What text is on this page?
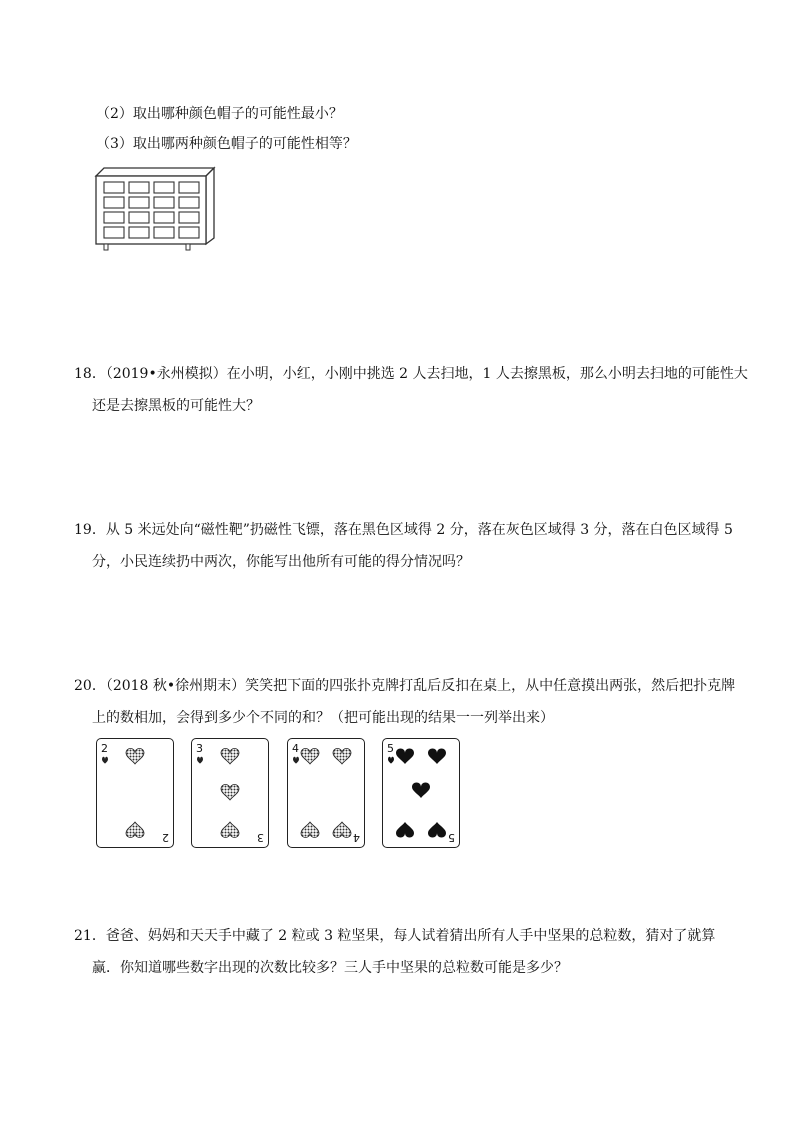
（2）取出哪种颜色帽子的可能性最小？
（3）取出哪两种颜色帽子的可能性相等？
18．（2019•永州模拟）在小明，小红，小刚中挑选 2 人去扫地，1 人去擦黑板，那么小明去扫地的可能性大
还是去擦黑板的可能性大？
19．从 5 米远处向“磁性靶”扔磁性飞镖，落在黑色区域得 2 分，落在灰色区域得 3 分，落在白色区域得 5
分，小民连续扔中两次，你能写出他所有可能的得分情况吗？
20．（2018 秋•徐州期末）笑笑把下面的四张扑克牌打乱后反扣在桌上，从中任意摸出两张，然后把扑克牌
上的数相加，会得到多少个不同的和？（把可能出现的结果一一列举出来）
2
2
3
3
4
4
5
5
21．爸爸、妈妈和天天手中藏了 2 粒或 3 粒坚果，每人试着猜出所有人手中坚果的总粒数，猜对了就算
赢．你知道哪些数字出现的次数比较多？三人手中坚果的总粒数可能是多少？
